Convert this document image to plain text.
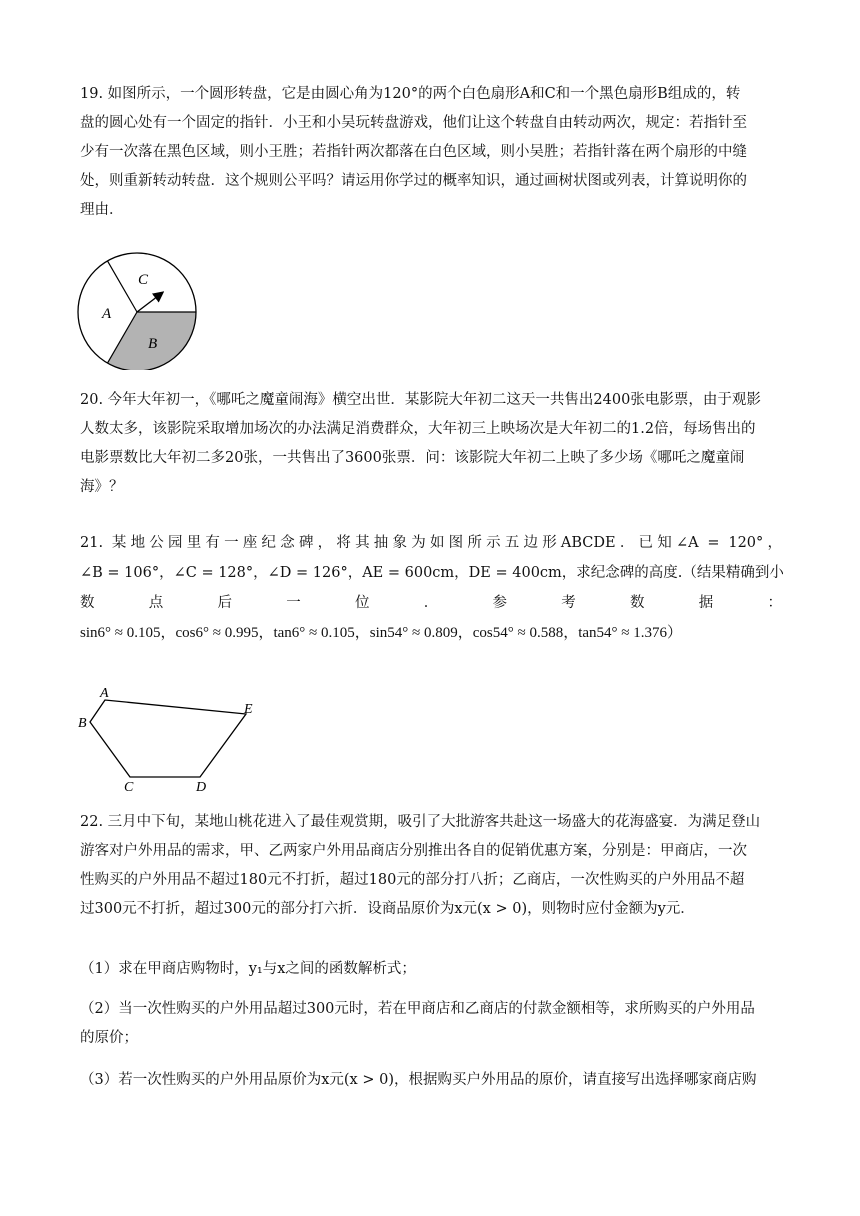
19. 如图所示，一个圆形转盘，它是由圆心角为120°的两个白色扇形A和C和一个黑色扇形B组成的，转
盘的圆心处有一个固定的指针．小王和小吴玩转盘游戏，他们让这个转盘自由转动两次，规定：若指针至
少有一次落在黑色区域，则小王胜；若指针两次都落在白色区域，则小吴胜；若指针落在两个扇形的中缝
处，则重新转动转盘．这个规则公平吗？请运用你学过的概率知识，通过画树状图或列表，计算说明你的
理由．
C
A
B
20. 今年大年初一，《哪吒之魔童闹海》横空出世．某影院大年初二这天一共售出2400张电影票，由于观影
人数太多，该影院采取增加场次的办法满足消费群众，大年初三上映场次是大年初二的1.2倍，每场售出的
电影票数比大年初二多20张，一共售出了3600张票．问：该影院大年初二上映了多少场《哪吒之魔童闹
海》？
21. 某地公园里有一座纪念碑，将其抽象为如图所示五边形ABCDE．已知∠A = 120°，
∠B = 106°，∠C = 128°，∠D = 126°，AE = 600cm，DE = 400cm，求纪念碑的高度.（结果精确到小
数点后一位．参考数据：
sin6° ≈ 0.105，cos6° ≈ 0.995，tan6° ≈ 0.105，sin54° ≈ 0.809，cos54° ≈ 0.588，tan54° ≈ 1.376）
A
B
C	D
E
22. 三月中下旬，某地山桃花进入了最佳观赏期，吸引了大批游客共赴这一场盛大的花海盛宴．为满足登山
游客对户外用品的需求，甲、乙两家户外用品商店分别推出各自的促销优惠方案，分别是：甲商店，一次
性购买的户外用品不超过180元不打折，超过180元的部分打八折；乙商店，一次性购买的户外用品不超
过300元不打折，超过300元的部分打六折．设商品原价为x元(x > 0)，则物时应付金额为y元．
（1）求在甲商店购物时，y₁与x之间的函数解析式；
（2）当一次性购买的户外用品超过300元时，若在甲商店和乙商店的付款金额相等，求所购买的户外用品
的原价；
（3）若一次性购买的户外用品原价为x元(x > 0)，根据购买户外用品的原价，请直接写出选择哪家商店购
